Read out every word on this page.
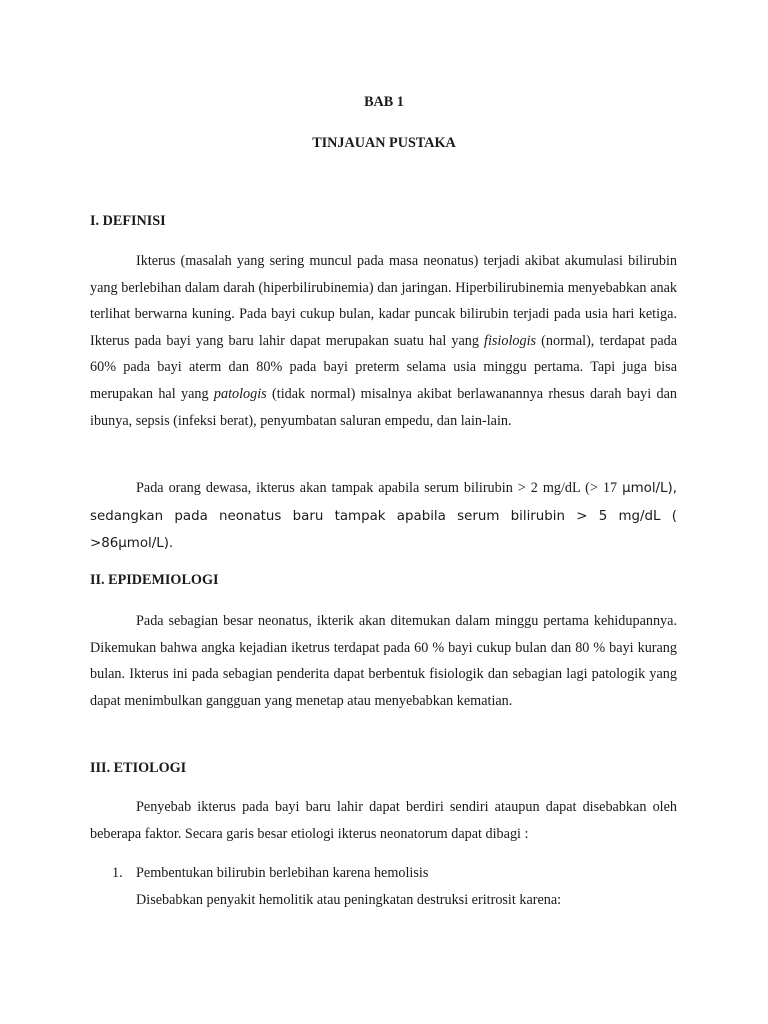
BAB 1
TINJAUAN PUSTAKA
I. DEFINISI

Ikterus (masalah yang sering muncul pada masa neonatus) terjadi akibat akumulasi bilirubin yang berlebihan dalam darah (hiperbilirubinemia) dan jaringan. Hiperbilirubinemia menyebabkan anak terlihat berwarna kuning. Pada bayi cukup bulan, kadar puncak bilirubin terjadi pada usia hari ketiga. Ikterus pada bayi yang baru lahir dapat merupakan suatu hal yang fisiologis (normal), terdapat pada 60% pada bayi aterm dan 80% pada bayi preterm selama usia minggu pertama. Tapi juga bisa merupakan hal yang patologis (tidak normal) misalnya akibat berlawanannya rhesus darah bayi dan ibunya, sepsis (infeksi berat), penyumbatan saluran empedu, dan lain-lain.

Pada orang dewasa, ikterus akan tampak apabila serum bilirubin > 2 mg/dL (> 17 μmol/L), sedangkan pada neonatus baru tampak apabila serum bilirubin > 5 mg/dL ( >86μmol/L).

II. EPIDEMIOLOGI

Pada sebagian besar neonatus, ikterik akan ditemukan dalam minggu pertama kehidupannya. Dikemukan bahwa angka kejadian iketrus terdapat pada 60 % bayi cukup bulan dan 80 % bayi kurang bulan. Ikterus ini pada sebagian penderita dapat berbentuk fisiologik dan sebagian lagi patologik yang dapat menimbulkan gangguan yang menetap atau menyebabkan kematian.

III. ETIOLOGI

Penyebab ikterus pada bayi baru lahir dapat berdiri sendiri ataupun dapat disebabkan oleh beberapa faktor. Secara garis besar etiologi ikterus neonatorum dapat dibagi :

1. Pembentukan bilirubin berlebihan karena hemolisis
Disebabkan penyakit hemolitik atau peningkatan destruksi eritrosit karena:
